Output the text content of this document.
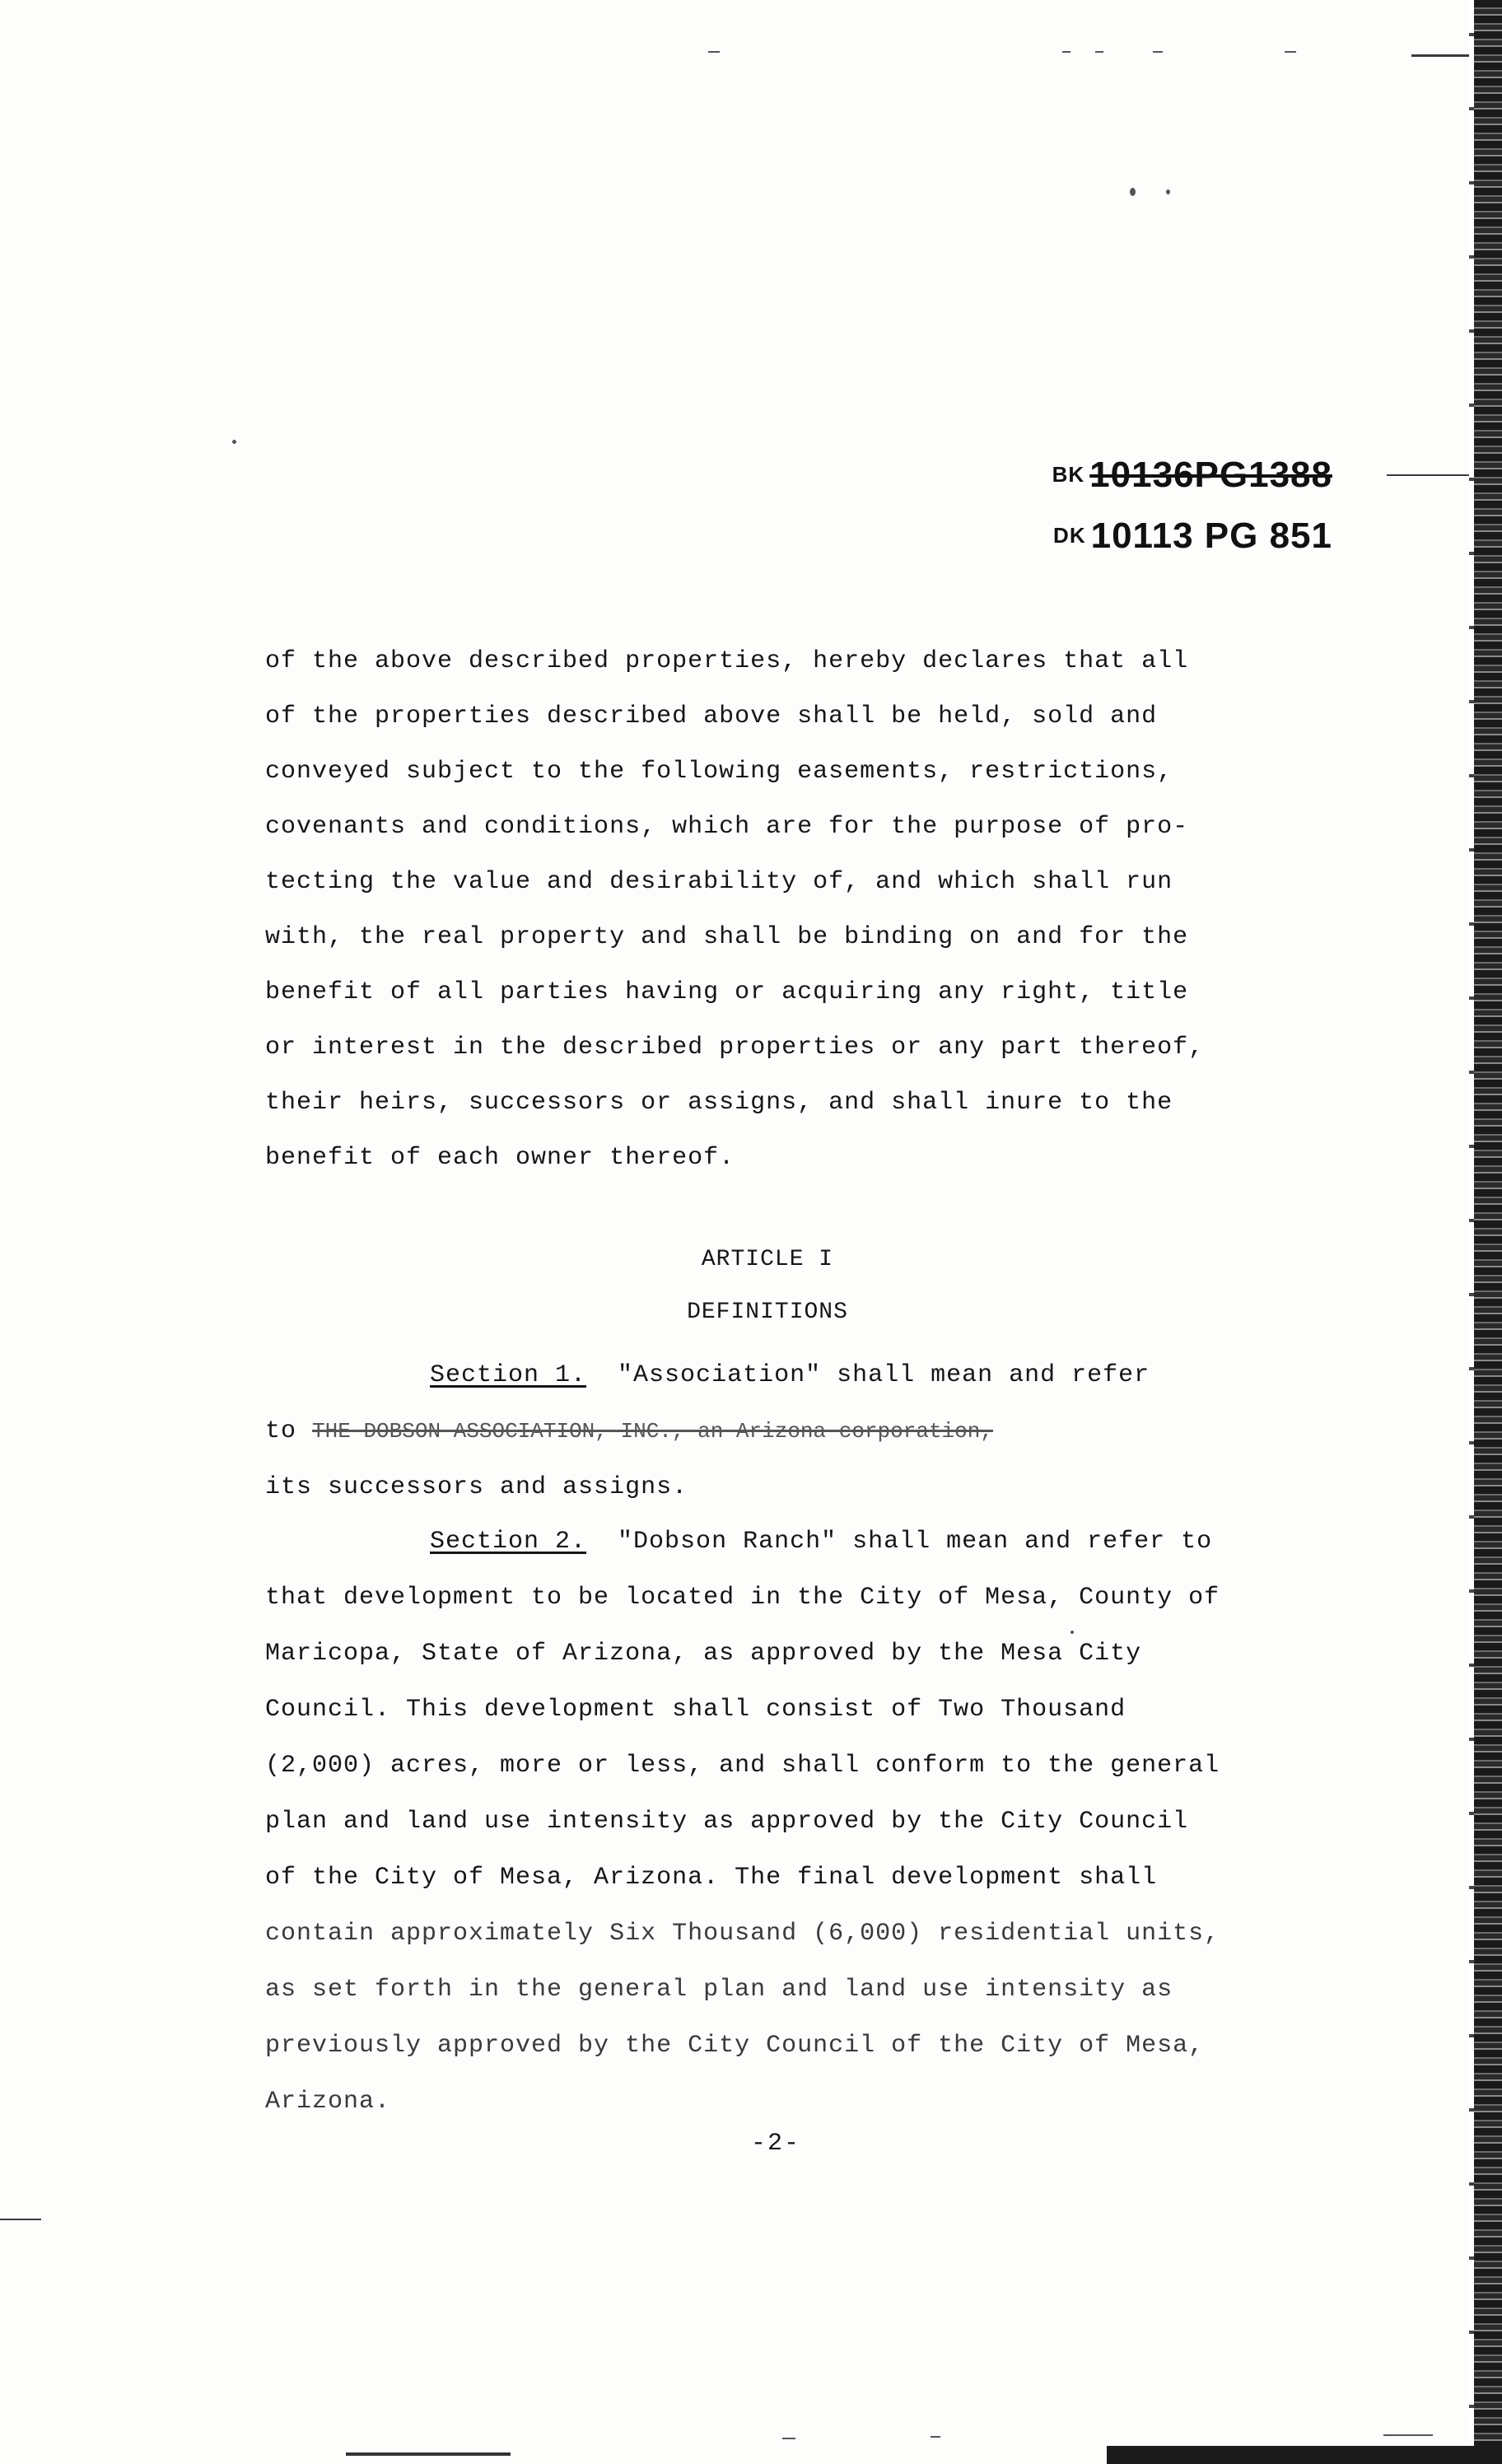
BK 10136PG1388
DK 10113 PG 851
of the above described properties, hereby declares that all
of the properties described above shall be held, sold and
conveyed subject to the following easements, restrictions,
covenants and conditions, which are for the purpose of pro-
tecting the value and desirability of, and which shall run
with, the real property and shall be binding on and for the
benefit of all parties having or acquiring any right, title
or interest in the described properties or any part thereof,
their heirs, successors or assigns, and shall inure to the
benefit of each owner thereof.
ARTICLE I
DEFINITIONS
Section 1. "Association" shall mean and refer
to THE DOBSON ASSOCIATION, INC., an Arizona corporation,
its successors and assigns.
Section 2. "Dobson Ranch" shall mean and refer to
that development to be located in the City of Mesa, County of
Maricopa, State of Arizona, as approved by the Mesa City
Council. This development shall consist of Two Thousand
(2,000) acres, more or less, and shall conform to the general
plan and land use intensity as approved by the City Council
of the City of Mesa, Arizona. The final development shall
contain approximately Six Thousand (6,000) residential units,
as set forth in the general plan and land use intensity as
previously approved by the City Council of the City of Mesa,
Arizona.
-2-
